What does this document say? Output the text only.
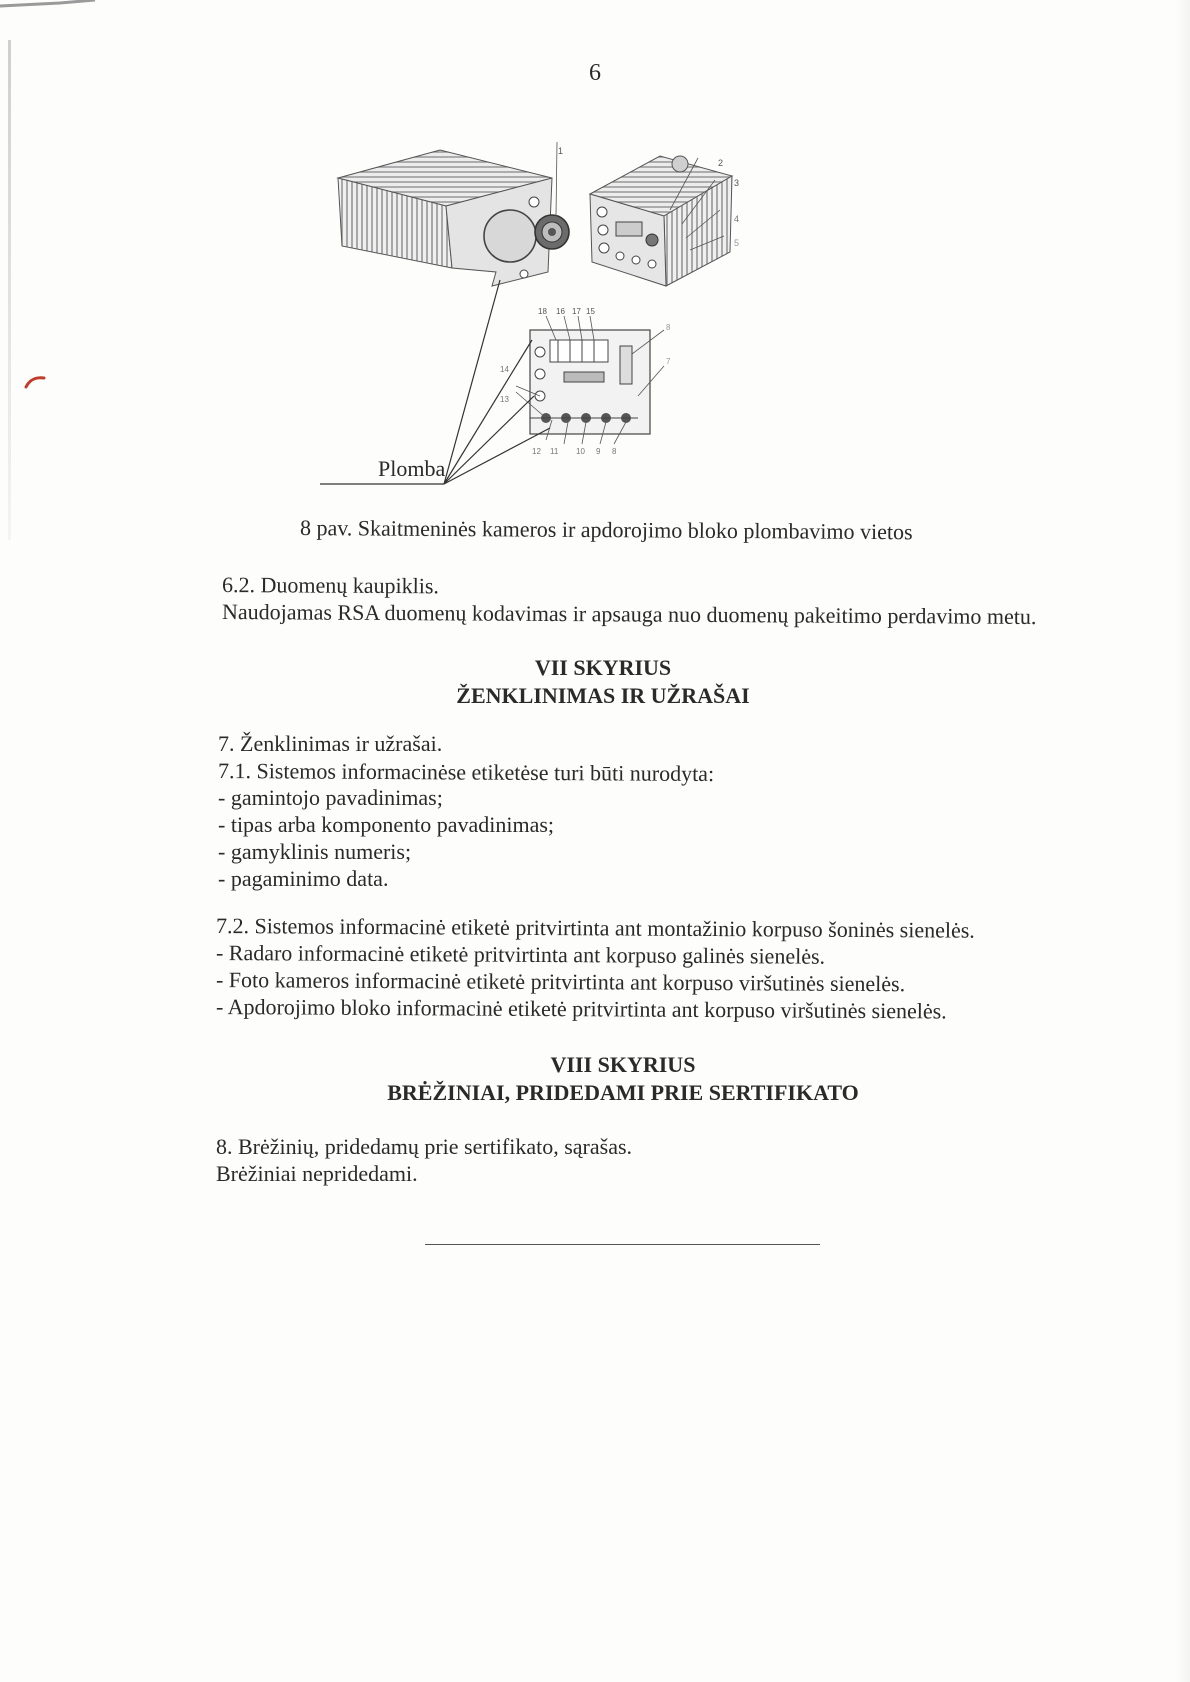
6
1
2
3
4
5
18 16 17 15
14
13
8
7
12 11 10 9 8
Plomba
8 pav. Skaitmeninės kameros ir apdorojimo bloko plombavimo vietos
6.2. Duomenų kaupiklis.
Naudojamas RSA duomenų kodavimas ir apsauga nuo duomenų pakeitimo perdavimo metu.
VII SKYRIUS
ŽENKLINIMAS IR UŽRAŠAI
7. Ženklinimas ir užrašai.
7.1. Sistemos informacinėse etiketėse turi būti nurodyta:
- gamintojo pavadinimas;
- tipas arba komponento pavadinimas;
- gamyklinis numeris;
- pagaminimo data.
7.2. Sistemos informacinė etiketė pritvirtinta ant montažinio korpuso šoninės sienelės.
- Radaro informacinė etiketė pritvirtinta ant korpuso galinės sienelės.
- Foto kameros informacinė etiketė pritvirtinta ant korpuso viršutinės sienelės.
- Apdorojimo bloko informacinė etiketė pritvirtinta ant korpuso viršutinės sienelės.
VIII SKYRIUS
BRĖŽINIAI, PRIDEDAMI PRIE SERTIFIKATO
8. Brėžinių, pridedamų prie sertifikato, sąrašas.
Brėžiniai nepridedami.
